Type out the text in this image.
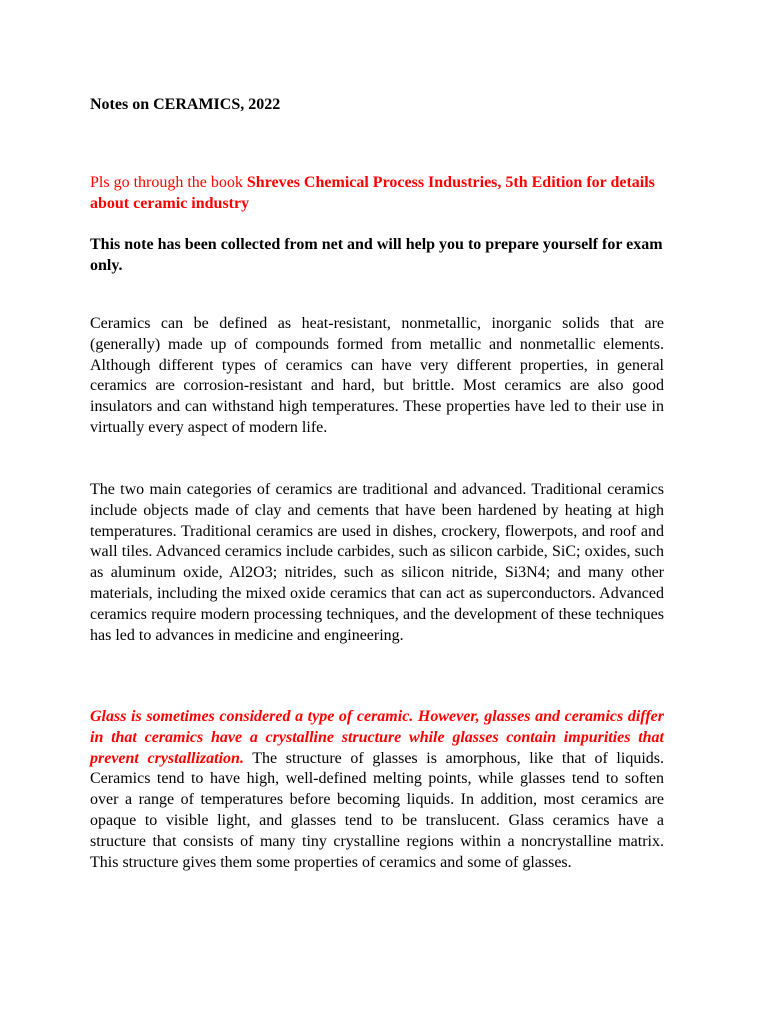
Notes on CERAMICS, 2022

Pls go through the book Shreves Chemical Process Industries, 5th Edition for details about ceramic industry

This note has been collected from net and will help you to prepare yourself for exam only.

Ceramics can be defined as heat-resistant, nonmetallic, inorganic solids that are (generally) made up of compounds formed from metallic and nonmetallic elements. Although different types of ceramics can have very different properties, in general ceramics are corrosion-resistant and hard, but brittle. Most ceramics are also good insulators and can withstand high temperatures. These properties have led to their use in virtually every aspect of modern life.

The two main categories of ceramics are traditional and advanced. Traditional ceramics include objects made of clay and cements that have been hardened by heating at high temperatures. Traditional ceramics are used in dishes, crockery, flowerpots, and roof and wall tiles. Advanced ceramics include carbides, such as silicon carbide, SiC; oxides, such as aluminum oxide, Al2O3; nitrides, such as silicon nitride, Si3N4; and many other materials, including the mixed oxide ceramics that can act as superconductors. Advanced ceramics require modern processing techniques, and the development of these techniques has led to advances in medicine and engineering.

Glass is sometimes considered a type of ceramic. However, glasses and ceramics differ in that ceramics have a crystalline structure while glasses contain impurities that prevent crystallization. The structure of glasses is amorphous, like that of liquids. Ceramics tend to have high, well-defined melting points, while glasses tend to soften over a range of temperatures before becoming liquids. In addition, most ceramics are opaque to visible light, and glasses tend to be translucent. Glass ceramics have a structure that consists of many tiny crystalline regions within a noncrystalline matrix. This structure gives them some properties of ceramics and some of glasses.
